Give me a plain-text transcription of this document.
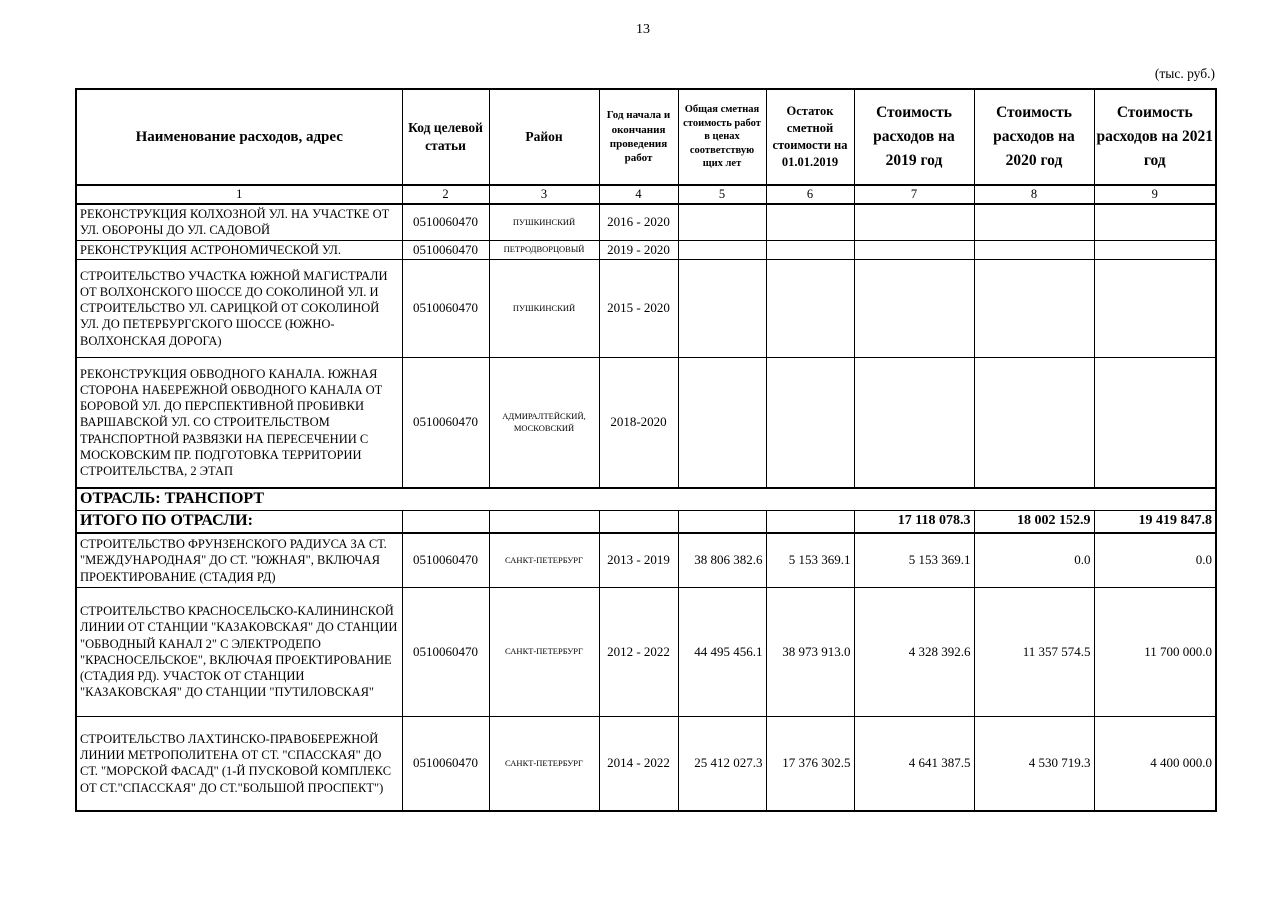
13
(тыс. руб.)
Наименование расходов, адрес	Код целевой статьи	Район	Год начала и окончания проведения работ	Общая сметная стоимость работ в ценах соответствую щих лет	Остаток сметной стоимости на 01.01.2019	Стоимость расходов на 2019 год	Стоимость расходов на 2020 год	Стоимость расходов на 2021 год
1	2	3	4	5	6	7	8	9
РЕКОНСТРУКЦИЯ КОЛХОЗНОЙ УЛ. НА УЧАСТКЕ ОТ УЛ. ОБОРОНЫ ДО УЛ. САДОВОЙ	0510060470	ПУШКИНСКИЙ	2016 - 2020					
РЕКОНСТРУКЦИЯ АСТРОНОМИЧЕСКОЙ УЛ.	0510060470	ПЕТРОДВОРЦОВЫЙ	2019 - 2020					
СТРОИТЕЛЬСТВО УЧАСТКА ЮЖНОЙ МАГИСТРАЛИ ОТ ВОЛХОНСКОГО ШОССЕ ДО СОКОЛИНОЙ УЛ. И СТРОИТЕЛЬСТВО УЛ. САРИЦКОЙ ОТ СОКОЛИНОЙ УЛ. ДО ПЕТЕРБУРГСКОГО ШОССЕ (ЮЖНО-ВОЛХОНСКАЯ ДОРОГА)	0510060470	ПУШКИНСКИЙ	2015 - 2020					
РЕКОНСТРУКЦИЯ ОБВОДНОГО КАНАЛА. ЮЖНАЯ СТОРОНА НАБЕРЕЖНОЙ ОБВОДНОГО КАНАЛА ОТ БОРОВОЙ УЛ. ДО ПЕРСПЕКТИВНОЙ ПРОБИВКИ ВАРШАВСКОЙ УЛ. СО СТРОИТЕЛЬСТВОМ ТРАНСПОРТНОЙ РАЗВЯЗКИ НА ПЕРЕСЕЧЕНИИ С МОСКОВСКИМ ПР. ПОДГОТОВКА ТЕРРИТОРИИ СТРОИТЕЛЬСТВА, 2 ЭТАП	0510060470	АДМИРАЛТЕЙСКИЙ, МОСКОВСКИЙ	2018-2020					
ОТРАСЛЬ: ТРАНСПОРТ								
ИТОГО ПО ОТРАСЛИ:						17 118 078.3	18 002 152.9	19 419 847.8
СТРОИТЕЛЬСТВО ФРУНЗЕНСКОГО РАДИУСА ЗА СТ. "МЕЖДУНАРОДНАЯ" ДО СТ. "ЮЖНАЯ", ВКЛЮЧАЯ ПРОЕКТИРОВАНИЕ (СТАДИЯ РД)	0510060470	САНКТ-ПЕТЕРБУРГ	2013 - 2019	38 806 382.6	5 153 369.1	5 153 369.1	0.0	0.0
СТРОИТЕЛЬСТВО КРАСНОСЕЛЬСКО-КАЛИНИНСКОЙ ЛИНИИ ОТ СТАНЦИИ "КАЗАКОВСКАЯ" ДО СТАНЦИИ "ОБВОДНЫЙ КАНАЛ 2" С ЭЛЕКТРОДЕПО "КРАСНОСЕЛЬСКОЕ", ВКЛЮЧАЯ ПРОЕКТИРОВАНИЕ (СТАДИЯ РД). УЧАСТОК ОТ СТАНЦИИ "КАЗАКОВСКАЯ" ДО СТАНЦИИ "ПУТИЛОВСКАЯ"	0510060470	САНКТ-ПЕТЕРБУРГ	2012 - 2022	44 495 456.1	38 973 913.0	4 328 392.6	11 357 574.5	11 700 000.0
СТРОИТЕЛЬСТВО ЛАХТИНСКО-ПРАВОБЕРЕЖНОЙ ЛИНИИ МЕТРОПОЛИТЕНА ОТ СТ. "СПАССКАЯ" ДО СТ. "МОРСКОЙ ФАСАД" (1-Й ПУСКОВОЙ КОМПЛЕКС ОТ СТ."СПАССКАЯ" ДО СТ."БОЛЬШОЙ ПРОСПЕКТ")	0510060470	САНКТ-ПЕТЕРБУРГ	2014 - 2022	25 412 027.3	17 376 302.5	4 641 387.5	4 530 719.3	4 400 000.0
